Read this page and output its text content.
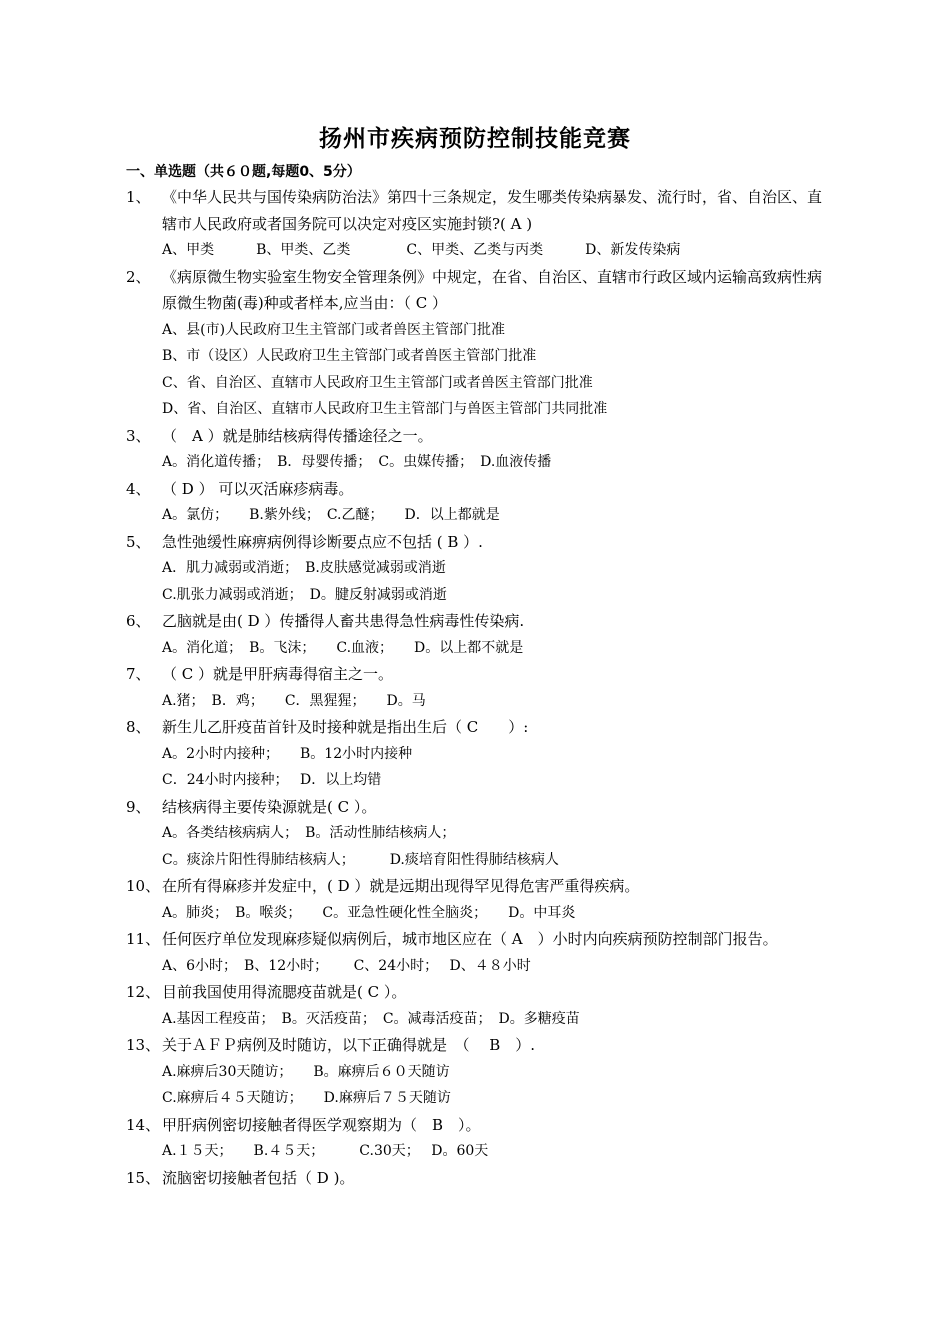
扬州市疾病预防控制技能竞赛
一、单选题（共６０题,每题0、5分）
1、 《中华人民共与国传染病防治法》第四十三条规定，发生哪类传染病暴发、流行时，省、自治区、直辖市人民政府或者国务院可以决定对疫区实施封锁?( A )
A、甲类　　　B、甲类、乙类　　　　C、甲类、乙类与丙类　　　D、新发传染病
2、 《病原微生物实验室生物安全管理条例》中规定，在省、自治区、直辖市行政区域内运输高致病性病原微生物菌(毒)种或者样本,应当由：（ C ）
A、县(市)人民政府卫生主管部门或者兽医主管部门批准
B、市（设区）人民政府卫生主管部门或者兽医主管部门批准
C、省、自治区、直辖市人民政府卫生主管部门或者兽医主管部门批准
D、省、自治区、直辖市人民政府卫生主管部门与兽医主管部门共同批准
3、 （　A ）就是肺结核病得传播途径之一。
A。消化道传播；　B．母婴传播；　C。虫媒传播；　D.血液传播
4、 （ D ） 可以灭活麻疹病毒。
A。氯仿；　　B.紫外线；　C.乙醚；　　D．以上都就是
5、 急性弛缓性麻痹病例得诊断要点应不包括 ( B ）.
A．肌力减弱或消逝；　B.皮肤感觉减弱或消逝
C.肌张力减弱或消逝；　D。腱反射减弱或消逝
6、 乙脑就是由( D ）传播得人畜共患得急性病毒性传染病.
A。消化道；　B。飞沫；　　C.血液；　　D。以上都不就是
7、 （ C ）就是甲肝病毒得宿主之一。
A.猪；　B．鸡；　　C．黑猩猩；　　D。马
8、 新生儿乙肝疫苗首针及时接种就是指出生后（ C　　）:
A。2小时内接种；　　B。12小时内接种
C．24小时内接种；　 D．以上均错
9、 结核病得主要传染源就是( C ）。
A。各类结核病病人；　B。活动性肺结核病人；
C。痰涂片阳性得肺结核病人；　　　D.痰培育阳性得肺结核病人
10、 在所有得麻疹并发症中，( D ）就是远期出现得罕见得危害严重得疾病。
A。肺炎；　B。喉炎；　　C。亚急性硬化性全脑炎；　　D。中耳炎
11、 任何医疗单位发现麻疹疑似病例后，城市地区应在（ A　）小时内向疾病预防控制部门报告。
A、6小时；　B、12小时；　　 C、24小时；　 D、４８小时
12、 目前我国使用得流腮疫苗就是( C ）。
A.基因工程疫苗；　B。灭活疫苗；　C。减毒活疫苗；　D。多糖疫苗
13、 关于ＡＦＰ病例及时随访，以下正确得就是　（　 B　）.
A.麻痹后30天随访；　　B。麻痹后６０天随访
C.麻痹后４５天随访；　　D.麻痹后７５天随访
14、 甲肝病例密切接触者得医学观察期为（　B　）。
A.１５天；　　B.４５天；　　　C.30天；　 D。60天
15、 流脑密切接触者包括（ D )。
